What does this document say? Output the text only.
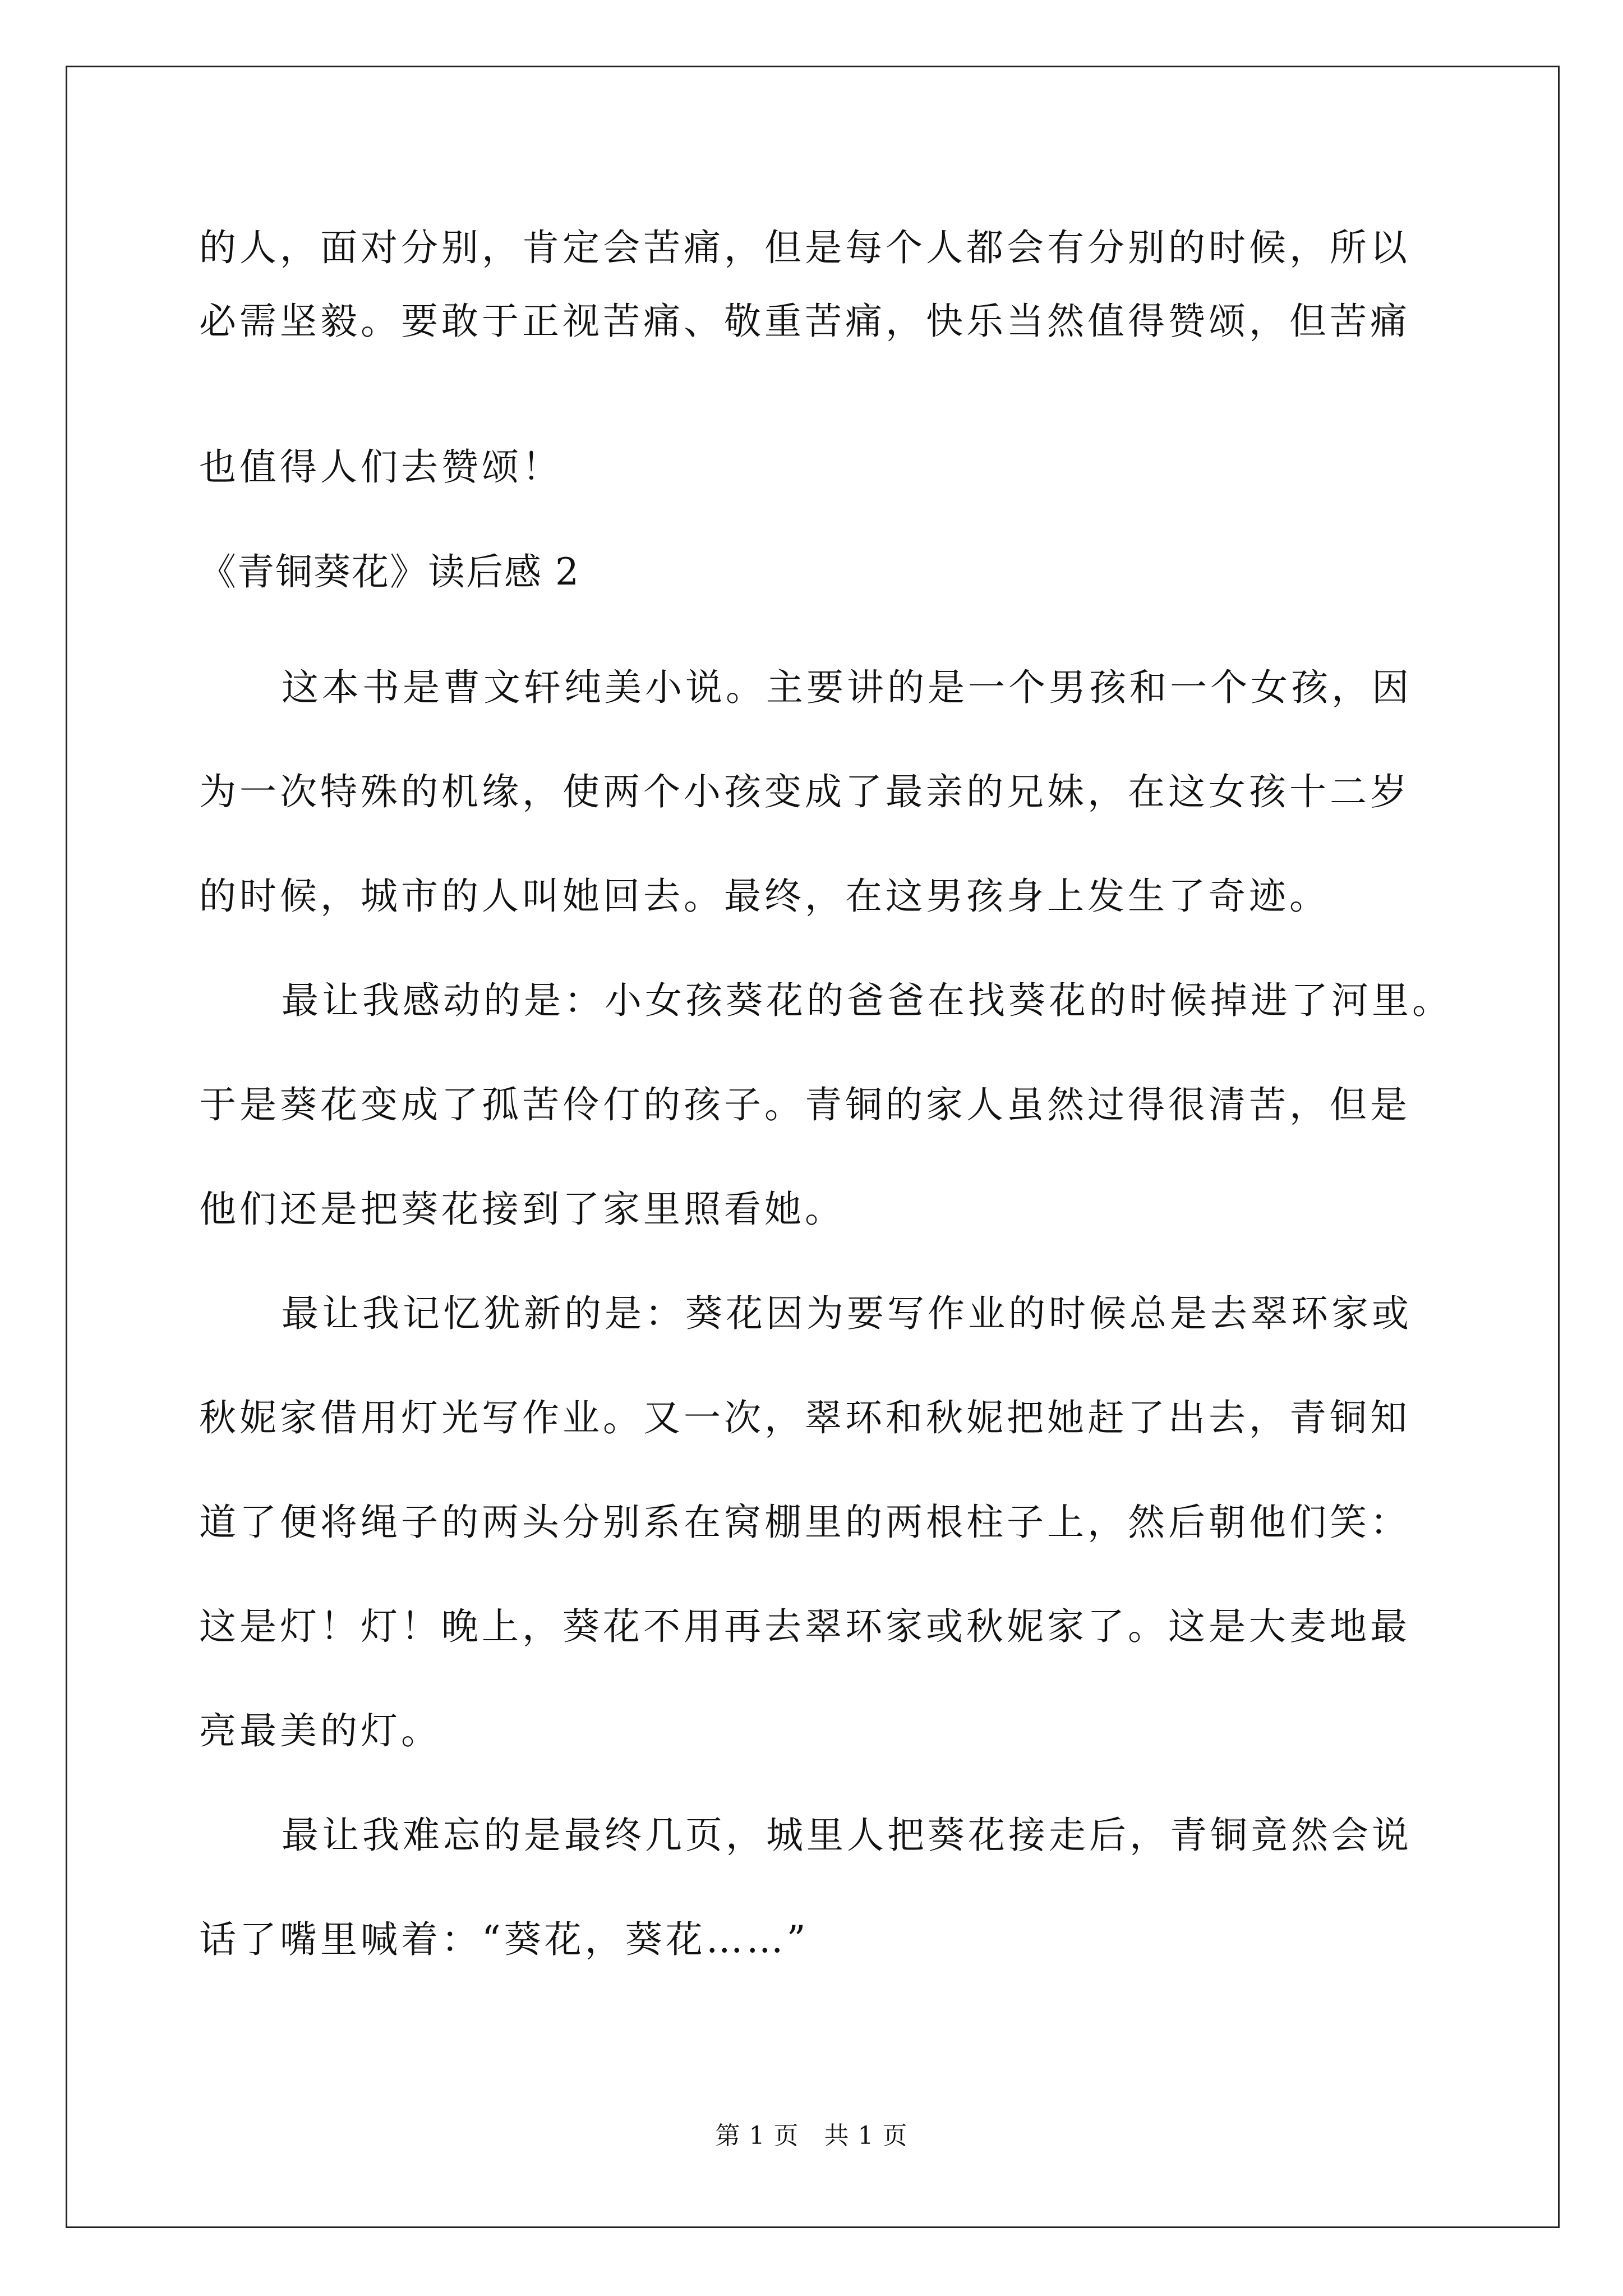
的人，面对分别，肯定会苦痛，但是每个人都会有分别的时候，所以
必需坚毅。要敢于正视苦痛、敬重苦痛，快乐当然值得赞颂，但苦痛
也值得人们去赞颂！
《青铜葵花》读后感 2
这本书是曹文轩纯美小说。主要讲的是一个男孩和一个女孩，因
为一次特殊的机缘，使两个小孩变成了最亲的兄妹，在这女孩十二岁
的时候，城市的人叫她回去。最终，在这男孩身上发生了奇迹。
最让我感动的是：小女孩葵花的爸爸在找葵花的时候掉进了河里。
于是葵花变成了孤苦伶仃的孩子。青铜的家人虽然过得很清苦，但是
他们还是把葵花接到了家里照看她。
最让我记忆犹新的是：葵花因为要写作业的时候总是去翠环家或
秋妮家借用灯光写作业。又一次，翠环和秋妮把她赶了出去，青铜知
道了便将绳子的两头分别系在窝棚里的两根柱子上，然后朝他们笑：
这是灯！灯！晚上，葵花不用再去翠环家或秋妮家了。这是大麦地最
亮最美的灯。
最让我难忘的是最终几页，城里人把葵花接走后，青铜竟然会说
话了嘴里喊着：“葵花，葵花……”
第 1 页 共 1 页
